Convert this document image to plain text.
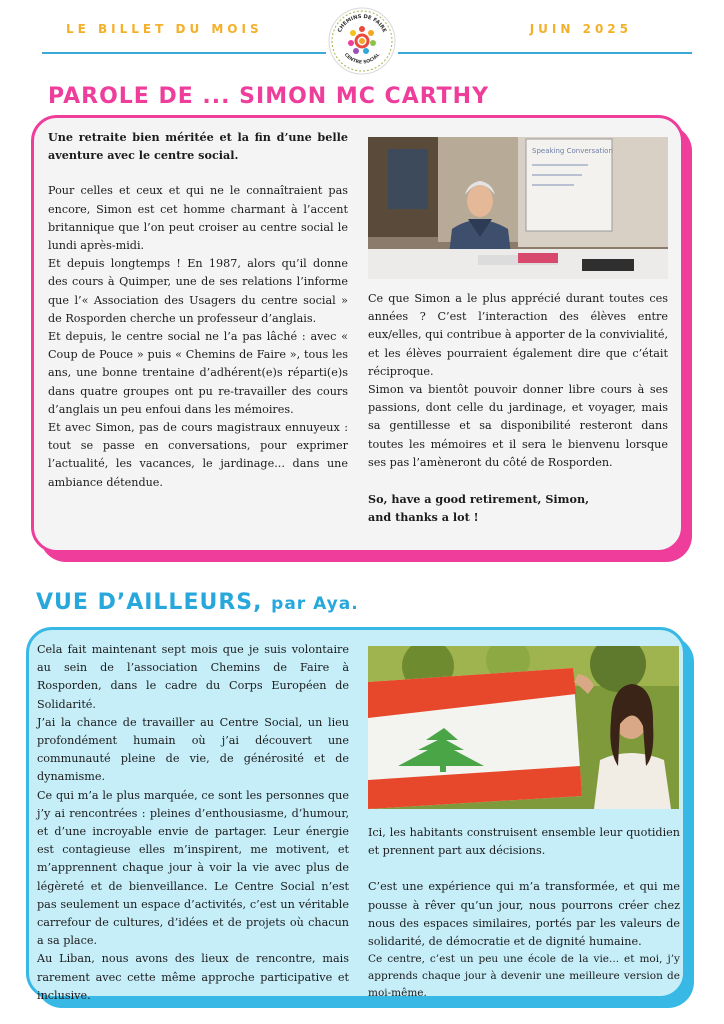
LE BILLET DU MOIS	JUIN 2025
CHEMINS DE FAIRE
CENTRE SOCIAL
PAROLE DE ... SIMON MC CARTHY

Une retraite bien méritée et la fin d’une belle aventure avec le centre social.

Pour celles et ceux et qui ne le connaîtraient pas encore, Simon est cet homme charmant à l’accent britannique que l’on peut croiser au centre social le lundi après-midi.

Et depuis longtemps ! En 1987, alors qu’il donne des cours à Quimper, une de ses relations l’informe que l’« Association des Usagers du centre social » de Rosporden cherche un professeur d’anglais.

Et depuis, le centre social ne l’a pas lâché : avec « Coup de Pouce » puis « Chemins de Faire », tous les ans, une bonne trentaine d’adhérent(e)s réparti(e)s dans quatre groupes ont pu re-travailler des cours d’anglais un peu enfoui dans les mémoires.

Et avec Simon, pas de cours magistraux ennuyeux : tout se passe en conversations, pour exprimer l’actualité, les vacances, le jardinage... dans une ambiance détendue.

Speaking Conversation

Ce que Simon a le plus apprécié durant toutes ces années ? C’est l’interaction des élèves entre eux/elles, qui contribue à apporter de la convivialité, et les élèves pourraient également dire que c’était réciproque.

Simon va bientôt pouvoir donner libre cours à ses passions, dont celle du jardinage, et voyager, mais sa gentillesse et sa disponibilité resteront dans toutes les mémoires et il sera le bienvenu lorsque ses pas l’amèneront du côté de Rosporden.

So, have a good retirement, Simon,

and thanks a lot !

VUE D’AILLEURS, par Aya.

Cela fait maintenant sept mois que je suis volontaire au sein de l’association Chemins de Faire à Rosporden, dans le cadre du Corps Européen de Solidarité.

J’ai la chance de travailler au Centre Social, un lieu profondément humain où j’ai découvert une communauté pleine de vie, de générosité et de dynamisme.

Ce qui m’a le plus marquée, ce sont les personnes que j’y ai rencontrées : pleines d’enthousiasme, d’humour, et d’une incroyable envie de partager. Leur énergie est contagieuse elles m’inspirent, me motivent, et m’apprennent chaque jour à voir la vie avec plus de légèreté et de bienveillance. Le Centre Social n’est pas seulement un espace d’activités, c’est un véritable carrefour de cultures, d’idées et de projets où chacun a sa place.

Au Liban, nous avons des lieux de rencontre, mais rarement avec cette même approche participative et inclusive.

Ici, les habitants construisent ensemble leur quotidien et prennent part aux décisions.

C’est une expérience qui m’a transformée, et qui me pousse à rêver qu’un jour, nous pourrons créer chez nous des espaces similaires, portés par les valeurs de solidarité, de démocratie et de dignité humaine.

Ce centre, c’est un peu une école de la vie... et moi, j’y apprends chaque jour à devenir une meilleure version de moi-même.
